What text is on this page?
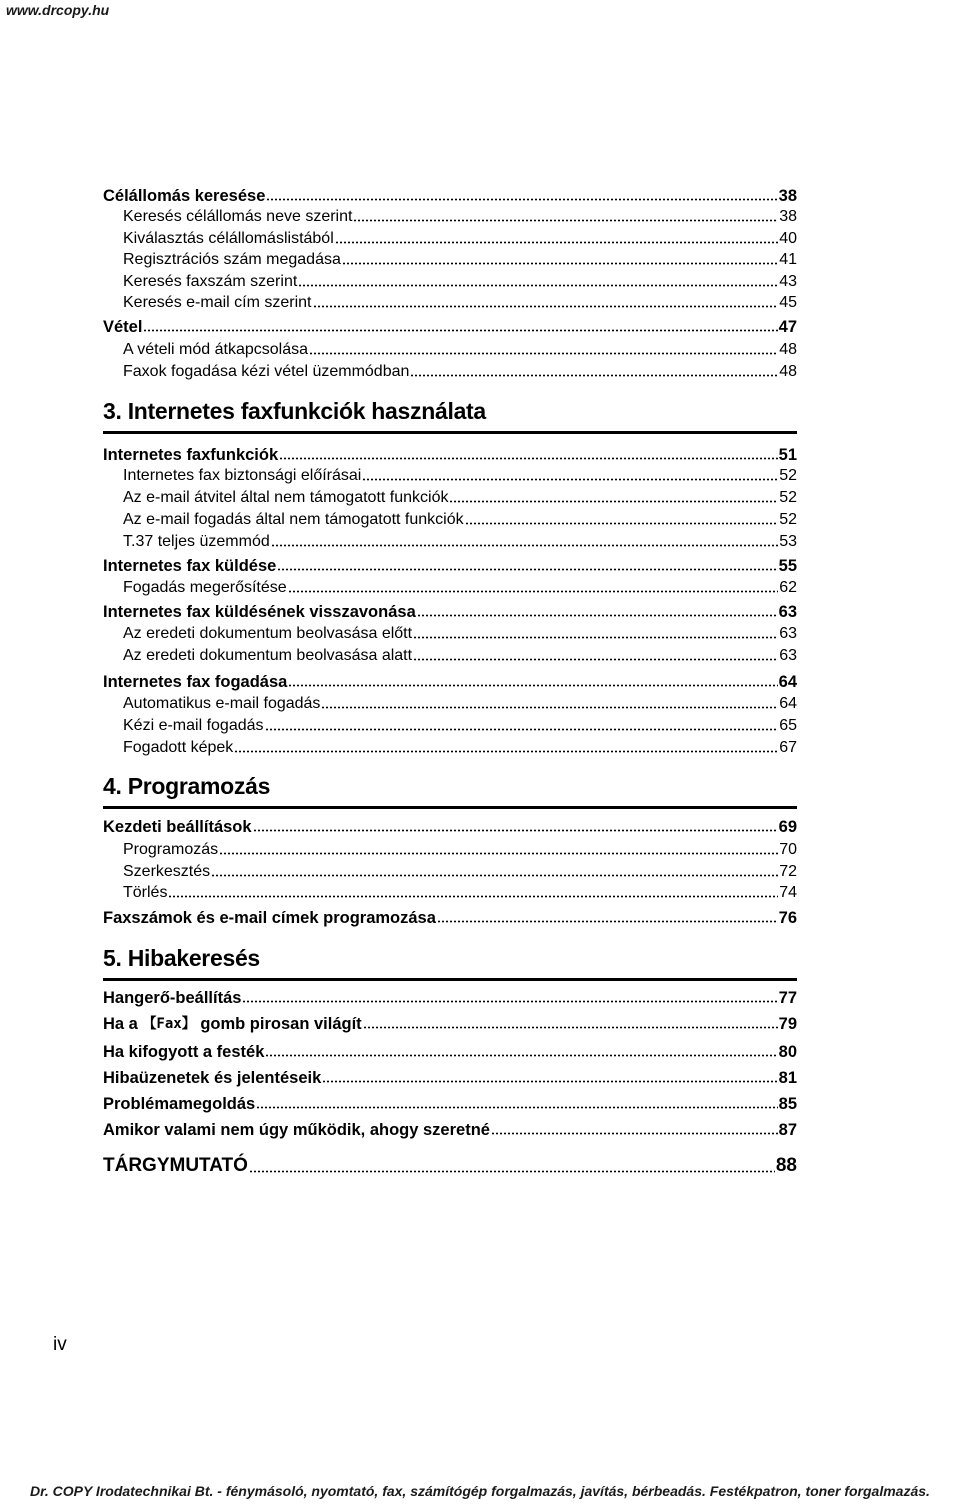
www.drcopy.hu
Célállomás keresése	38
Keresés célállomás neve szerint	38
Kiválasztás célállomáslistából	40
Regisztrációs szám megadása	41
Keresés faxszám szerint	43
Keresés e-mail cím szerint	45
Vétel	47
A vételi mód átkapcsolása	48
Faxok fogadása kézi vétel üzemmódban	48
3. Internetes faxfunkciók használata
Internetes faxfunkciók	51
Internetes fax biztonsági előírásai	52
Az e-mail átvitel által nem támogatott funkciók	52
Az e-mail fogadás által nem támogatott funkciók	52
T.37 teljes üzemmód	53
Internetes fax küldése	55
Fogadás megerősítése	62
Internetes fax küldésének visszavonása	63
Az eredeti dokumentum beolvasása előtt	63
Az eredeti dokumentum beolvasása alatt	63
Internetes fax fogadása	64
Automatikus e-mail fogadás	64
Kézi e-mail fogadás	65
Fogadott képek	67
4. Programozás
Kezdeti beállítások	69
Programozás	70
Szerkesztés	72
Törlés	74
Faxszámok és e-mail címek programozása	76
5. Hibakeresés
Hangerő-beállítás	77
Ha a 【Fax】 gomb pirosan világít	79
Ha kifogyott a festék	80
Hibaüzenetek és jelentéseik	81
Problémamegoldás	85
Amikor valami nem úgy működik, ahogy szeretné	87
TÁRGYMUTATÓ	88
iv
Dr. COPY Irodatechnikai Bt. - fénymásoló, nyomtató, fax, számítógép forgalmazás, javítás, bérbeadás. Festékpatron, toner forgalmazás.
